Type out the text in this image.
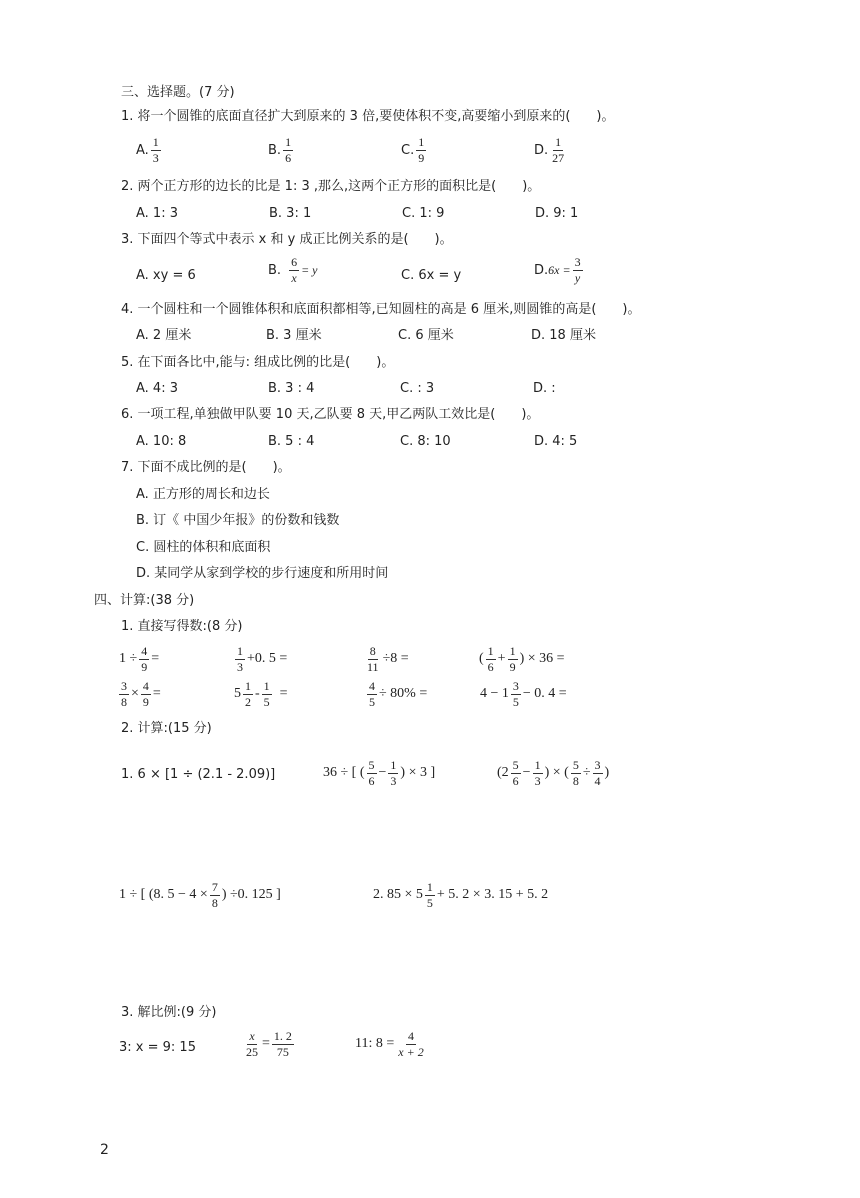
三、选择题。(7 分)
1. 将一个圆锥的底面直径扩大到原来的 3 倍,要使体积不变,高要缩小到原来的(　　)。
A. $\frac{1}{3}$	B. $\frac{1}{6}$	C. $\frac{1}{9}$	D. $\frac{1}{27}$
2. 两个正方形的边长的比是 1: 3 ,那么,这两个正方形的面积比是(　　)。
A. 1: 3	B. 3: 1	C. 1: 9	D. 9: 1
3. 下面四个等式中表示 x 和 y 成正比例关系的是(　　)。
A. xy = 6	B. $\frac{6}{x} = y$	C. 6x = y	D. $6x = \frac{3}{y}$
4. 一个圆柱和一个圆锥体积和底面积都相等,已知圆柱的高是 6 厘米,则圆锥的高是(　　)。
A. 2 厘米	B. 3 厘米	C. 6 厘米	D. 18 厘米
5. 在下面各比中,能与: 组成比例的比是(　　)。
A. 4: 3	B. 3 : 4	C. : 3	D. :
6. 一项工程,单独做甲队要 10 天,乙队要 8 天,甲乙两队工效比是(　　)。
A. 10: 8	B. 5 : 4	C. 8: 10	D. 4: 5
7. 下面不成比例的是(　　)。
A. 正方形的周长和边长
B. 订《 中国少年报》的份数和钱数
C. 圆柱的体积和底面积
D. 某同学从家到学校的步行速度和所用时间
四、计算:(38 分)
1. 直接写得数:(8 分)
$1 \div \frac{4}{9}$ =	$\frac{1}{3} +0$. 5 =	$\frac{8}{11} \div 8$ =	( $\frac{1}{6} + \frac{1}{9}$ ) × 36 =
$\frac{3}{8} \times \frac{4}{9}$ =	$5 \frac{1}{2} - \frac{1}{5}$ =	$\frac{4}{5} \div 80\%$ =	$4 - 1 \frac{3}{5} - 0$. 4 =
2. 计算:(15 分)
1. 6 × [1 ÷ (2.1 - 2.09)]	36 ÷ [ ( $\frac{5}{6} - \frac{1}{3}$ ) × 3 ]	($2 \frac{5}{6} - \frac{1}{3}$ ) × ( $\frac{5}{8} \div \frac{3}{4}$ )
1 ÷ [ (8. $5 - 4 \times \frac{7}{8}$ ) ÷0. 125 ]	2. $85 \times 5 \frac{1}{5} + 5$. 2 × 3. 15 + 5. 2
3. 解比例:(9 分)
3: x = 9: 15	$\frac{x}{25} = \frac{1. 2}{75}$	11: $8 = \frac{4}{x + 2}$
2
